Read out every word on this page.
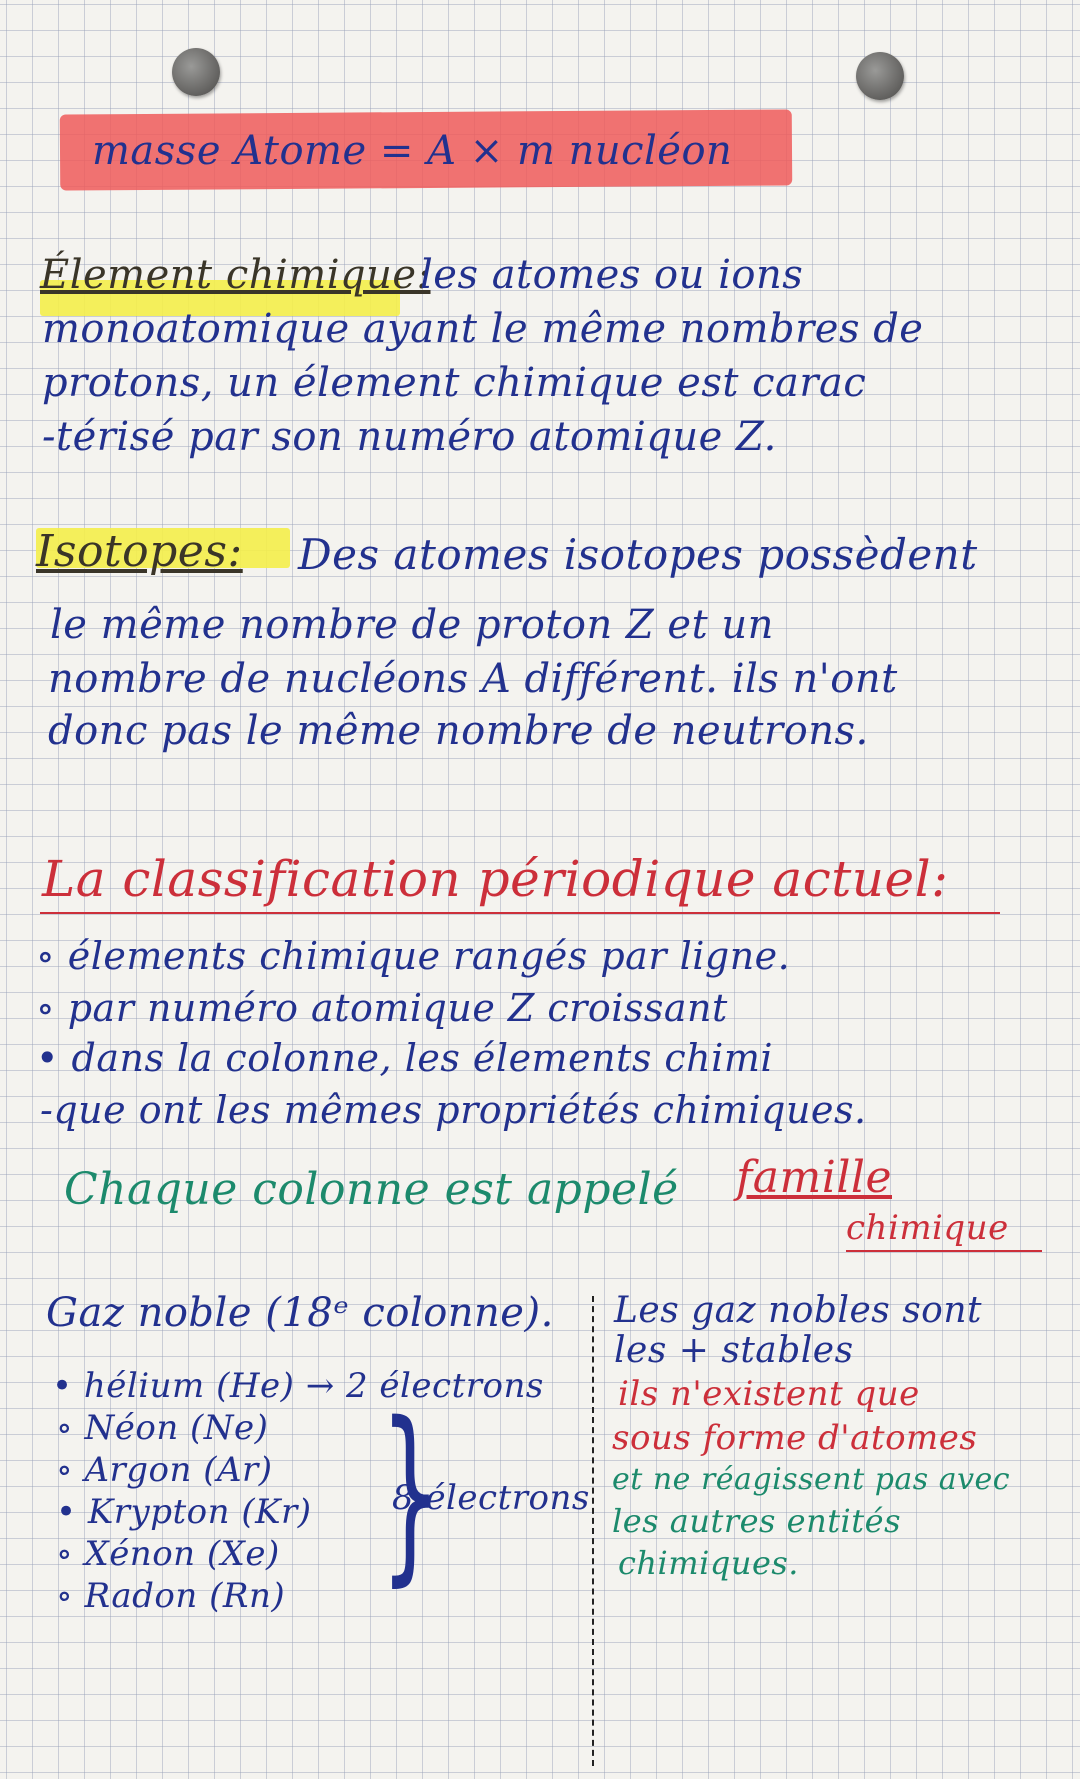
masse Atome = A × m nucléon
Élement chimique:
les atomes ou ions
monoatomique ayant le même nombres de
protons, un élement chimique est carac
-térisé par son numéro atomique Z.
Isotopes: Des atomes isotopes possèdent
le même nombre de proton Z et un
nombre de nucléons A différent. ils n'ont
donc pas le même nombre de neutrons.
La classification périodique actuel:
∘ élements chimique rangés par ligne.
∘ par numéro atomique Z croissant
• dans la colonne, les élements chimi
-que ont les mêmes propriétés chimiques.
Chaque colonne est appelé famille
chimique
Gaz noble (18ᵉ colonne).
• hélium (He) → 2 électrons
∘ Néon (Ne)
∘ Argon (Ar)
• Krypton (Kr)
∘ Xénon (Xe)
∘ Radon (Rn) }
8 électrons
Les gaz nobles sont
les + stables
ils n'existent que
sous forme d'atomes
et ne réagissent pas avec
les autres entités
chimiques.
